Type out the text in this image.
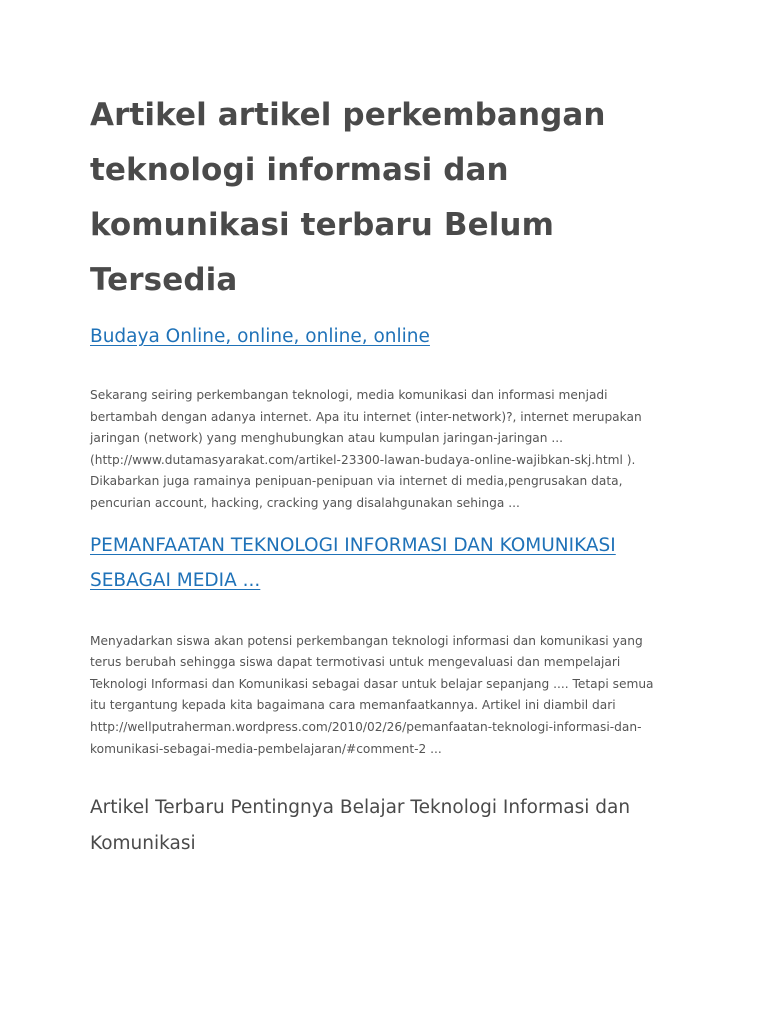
Artikel artikel perkembangan
teknologi informasi dan
komunikasi terbaru Belum
Tersedia
Budaya Online, online, online, online

Sekarang seiring perkembangan teknologi, media komunikasi dan informasi menjadi
bertambah dengan adanya internet. Apa itu internet (inter-network)?, internet merupakan
jaringan (network) yang menghubungkan atau kumpulan jaringan-jaringan ...
(http://www.dutamasyarakat.com/artikel-23300-lawan-budaya-online-wajibkan-skj.html ).
Dikabarkan juga ramainya penipuan-penipuan via internet di media,pengrusakan data,
pencurian account, hacking, cracking yang disalahgunakan sehinga ...

PEMANFAATAN TEKNOLOGI INFORMASI DAN KOMUNIKASI
SEBAGAI MEDIA ...

Menyadarkan siswa akan potensi perkembangan teknologi informasi dan komunikasi yang
terus berubah sehingga siswa dapat termotivasi untuk mengevaluasi dan mempelajari
Teknologi Informasi dan Komunikasi sebagai dasar untuk belajar sepanjang .... Tetapi semua
itu tergantung kepada kita bagaimana cara memanfaatkannya. Artikel ini diambil dari
http://wellputraherman.wordpress.com/2010/02/26/pemanfaatan-teknologi-informasi-dan-
komunikasi-sebagai-media-pembelajaran/#comment-2 ...

Artikel Terbaru Pentingnya Belajar Teknologi Informasi dan
Komunikasi
